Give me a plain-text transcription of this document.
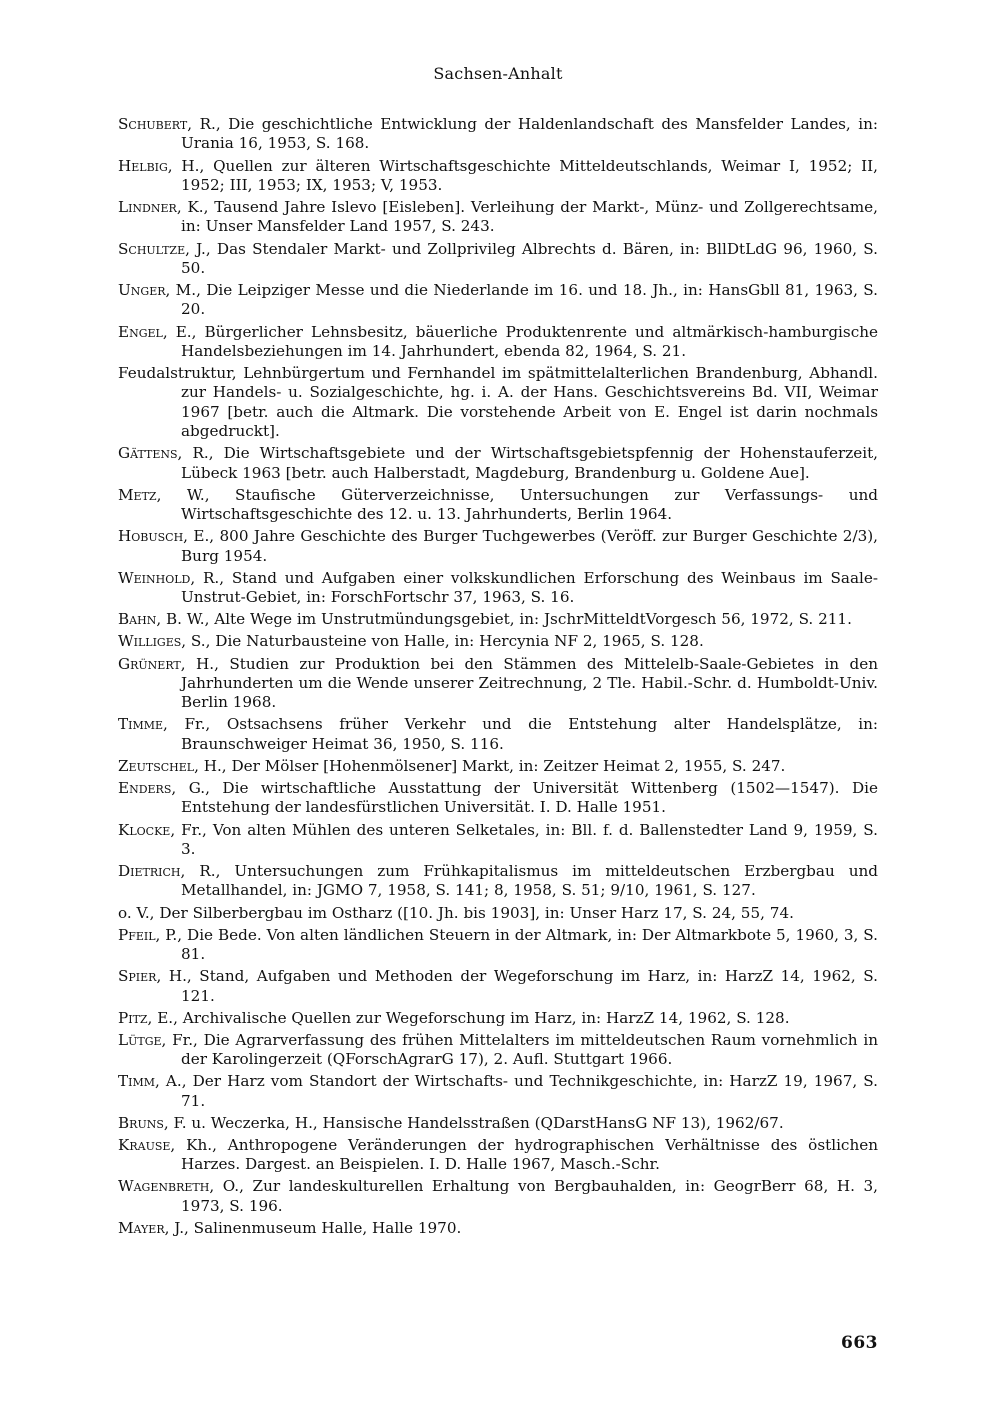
Sachsen-Anhalt
Schubert, R., Die geschichtliche Entwicklung der Haldenlandschaft des Mansfelder Landes, in: Urania 16, 1953, S. 168.
Helbig, H., Quellen zur älteren Wirtschaftsgeschichte Mitteldeutschlands, Weimar I, 1952; II, 1952; III, 1953; IX, 1953; V, 1953.
Lindner, K., Tausend Jahre Islevo [Eisleben]. Verleihung der Markt-, Münz- und Zollgerechtsame, in: Unser Mansfelder Land 1957, S. 243.
Schultze, J., Das Stendaler Markt- und Zollprivileg Albrechts d. Bären, in: BllDtLdG 96, 1960, S. 50.
Unger, M., Die Leipziger Messe und die Niederlande im 16. und 18. Jh., in: HansGbll 81, 1963, S. 20.
Engel, E., Bürgerlicher Lehnsbesitz, bäuerliche Produktenrente und altmärkisch-hamburgische Handelsbeziehungen im 14. Jahrhundert, ebenda 82, 1964, S. 21.
Feudalstruktur, Lehnbürgertum und Fernhandel im spätmittelalterlichen Brandenburg, Abhandl. zur Handels- u. Sozialgeschichte, hg. i. A. der Hans. Geschichtsvereins Bd. VII, Weimar 1967 [betr. auch die Altmark. Die vorstehende Arbeit von E. Engel ist darin nochmals abgedruckt].
Gättens, R., Die Wirtschaftsgebiete und der Wirtschaftsgebietspfennig der Hohenstauferzeit, Lübeck 1963 [betr. auch Halberstadt, Magdeburg, Brandenburg u. Goldene Aue].
Metz, W., Staufische Güterverzeichnisse, Untersuchungen zur Verfassungs- und Wirtschaftsgeschichte des 12. u. 13. Jahrhunderts, Berlin 1964.
Hobusch, E., 800 Jahre Geschichte des Burger Tuchgewerbes (Veröff. zur Burger Geschichte 2/3), Burg 1954.
Weinhold, R., Stand und Aufgaben einer volkskundlichen Erforschung des Weinbaus im Saale-Unstrut-Gebiet, in: ForschFortschr 37, 1963, S. 16.
Bahn, B. W., Alte Wege im Unstrutmündungsgebiet, in: JschrMitteldtVorgesch 56, 1972, S. 211.
Williges, S., Die Naturbausteine von Halle, in: Hercynia NF 2, 1965, S. 128.
Grünert, H., Studien zur Produktion bei den Stämmen des Mittelelb-Saale-Gebietes in den Jahrhunderten um die Wende unserer Zeitrechnung, 2 Tle. Habil.-Schr. d. Humboldt-Univ. Berlin 1968.
Timme, Fr., Ostsachsens früher Verkehr und die Entstehung alter Handelsplätze, in: Braunschweiger Heimat 36, 1950, S. 116.
Zeutschel, H., Der Mölser [Hohenmölsener] Markt, in: Zeitzer Heimat 2, 1955, S. 247.
Enders, G., Die wirtschaftliche Ausstattung der Universität Wittenberg (1502—1547). Die Entstehung der landesfürstlichen Universität. I. D. Halle 1951.
Klocke, Fr., Von alten Mühlen des unteren Selketales, in: Bll. f. d. Ballenstedter Land 9, 1959, S. 3.
Dietrich, R., Untersuchungen zum Frühkapitalismus im mitteldeutschen Erzbergbau und Metallhandel, in: JGMO 7, 1958, S. 141; 8, 1958, S. 51; 9/10, 1961, S. 127.
o. V., Der Silberbergbau im Ostharz ([10. Jh. bis 1903], in: Unser Harz 17, S. 24, 55, 74.
Pfeil, P., Die Bede. Von alten ländlichen Steuern in der Altmark, in: Der Altmarkbote 5, 1960, 3, S. 81.
Spier, H., Stand, Aufgaben und Methoden der Wegeforschung im Harz, in: HarzZ 14, 1962, S. 121.
Pitz, E., Archivalische Quellen zur Wegeforschung im Harz, in: HarzZ 14, 1962, S. 128.
Lütge, Fr., Die Agrarverfassung des frühen Mittelalters im mitteldeutschen Raum vornehmlich in der Karolingerzeit (QForschAgrarG 17), 2. Aufl. Stuttgart 1966.
Timm, A., Der Harz vom Standort der Wirtschafts- und Technikgeschichte, in: HarzZ 19, 1967, S. 71.
Bruns, F. u. Weczerka, H., Hansische Handelsstraßen (QDarstHansG NF 13), 1962/67.
Krause, Kh., Anthropogene Veränderungen der hydrographischen Verhältnisse des östlichen Harzes. Dargest. an Beispielen. I. D. Halle 1967, Masch.-Schr.
Wagenbreth, O., Zur landeskulturellen Erhaltung von Bergbauhalden, in: GeogrBerr 68, H. 3, 1973, S. 196.
Mayer, J., Salinenmuseum Halle, Halle 1970.
663
